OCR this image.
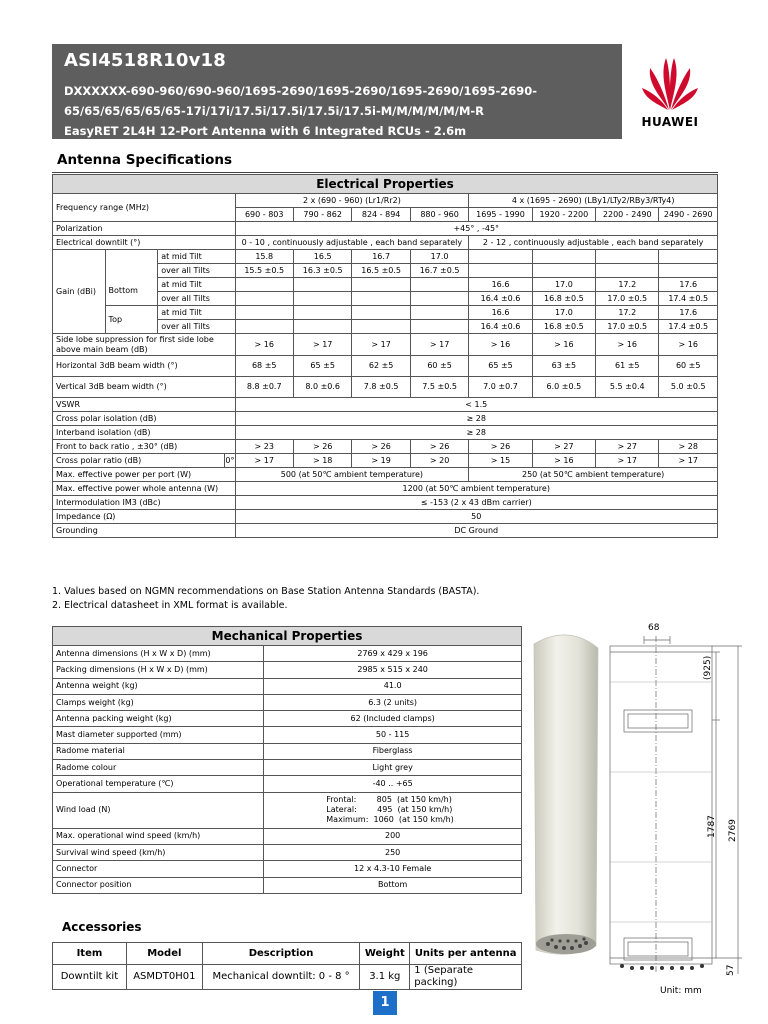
ASI4518R10v18
DXXXXXX-690-960/690-960/1695-2690/1695-2690/1695-2690/1695-2690-
65/65/65/65/65/65-17i/17i/17.5i/17.5i/17.5i/17.5i-M/M/M/M/M/M-R
EasyRET 2L4H 12-Port Antenna with 6 Integrated RCUs - 2.6m
HUAWEI
Antenna Specifications
Electrical Properties											
Frequency range (MHz)				2 x (690 - 960) (Lr1/Rr2)				4 x (1695 - 2690) (LBy1/LTy2/RBy3/RTy4)			
				690 - 803	790 - 862	824 - 894	880 - 960	1695 - 1990	1920 - 2200	2200 - 2490	2490 - 2690
Polarization				+45° , -45°							
Electrical downtilt (°)				0 - 10 , continuously adjustable , each band separately				2 - 12 , continuously adjustable , each band separately			
Gain (dBi)		at mid Tilt		15.8	16.5	16.7	17.0				
		over all Tilts		15.5 ±0.5	16.3 ±0.5	16.5 ±0.5	16.7 ±0.5				
	Bottom	at mid Tilt						16.6	17.0	17.2	17.6
		over all Tilts						16.4 ±0.6	16.8 ±0.5	17.0 ±0.5	17.4 ±0.5
	Top	at mid Tilt						16.6	17.0	17.2	17.6
		over all Tilts						16.4 ±0.6	16.8 ±0.5	17.0 ±0.5	17.4 ±0.5
Side lobe suppression for first side lobe above main beam (dB)				> 16	> 17	> 17	> 17	> 16	> 16	> 16	> 16
Horizontal 3dB beam width (°)				68 ±5	65 ±5	62 ±5	60 ±5	65 ±5	63 ±5	61 ±5	60 ±5
Vertical 3dB beam width (°)				8.8 ±0.7	8.0 ±0.6	7.8 ±0.5	7.5 ±0.5	7.0 ±0.7	6.0 ±0.5	5.5 ±0.4	5.0 ±0.5
VSWR				< 1.5							
Cross polar isolation (dB)				≥ 28							
Interband isolation (dB)				≥ 28							
Front to back ratio , ±30° (dB)				> 23	> 26	> 26	> 26	> 26	> 27	> 27	> 28
Cross polar ratio (dB)			0°	> 17	> 18	> 19	> 20	> 15	> 16	> 17	> 17
Max. effective power per port (W)				500 (at 50℃ ambient temperature)				250 (at 50℃ ambient temperature)			
Max. effective power whole antenna (W)				1200 (at 50℃ ambient temperature)							
Intermodulation IM3 (dBc)				≤ -153 (2 x 43 dBm carrier)							
Impedance (Ω)				50							
Grounding				DC Ground							
1. Values based on NGMN recommendations on Base Station Antenna Standards (BASTA).
2. Electrical datasheet in XML format is available.
Mechanical Properties	
Antenna dimensions (H x W x D) (mm)	2769 x 429 x 196
Packing dimensions (H x W x D) (mm)	2985 x 515 x 240
Antenna weight (kg)	41.0
Clamps weight (kg)	6.3 (2 units)
Antenna packing weight (kg)	62 (Included clamps)
Mast diameter supported (mm)	50 - 115
Radome material	Fiberglass
Radome colour	Light grey
Operational temperature (℃)	-40 .. +65
Wind load (N)	Frontal:        805  (at 150 km/h)
Lateral:        495  (at 150 km/h)
Maximum:  1060  (at 150 km/h)

Max. operational wind speed (km/h)	200
Survival wind speed (km/h)	250
Connector	12 x 4.3-10 Female
Connector position	Bottom
68
(925)
1787 2769
57
Unit: mm
Accessories
Item	Model	Description	Weight	Units per antenna
Downtilt kit	ASMDT0H01	Mechanical downtilt: 0 - 8 °	3.1 kg	1 (Separate packing)
1
